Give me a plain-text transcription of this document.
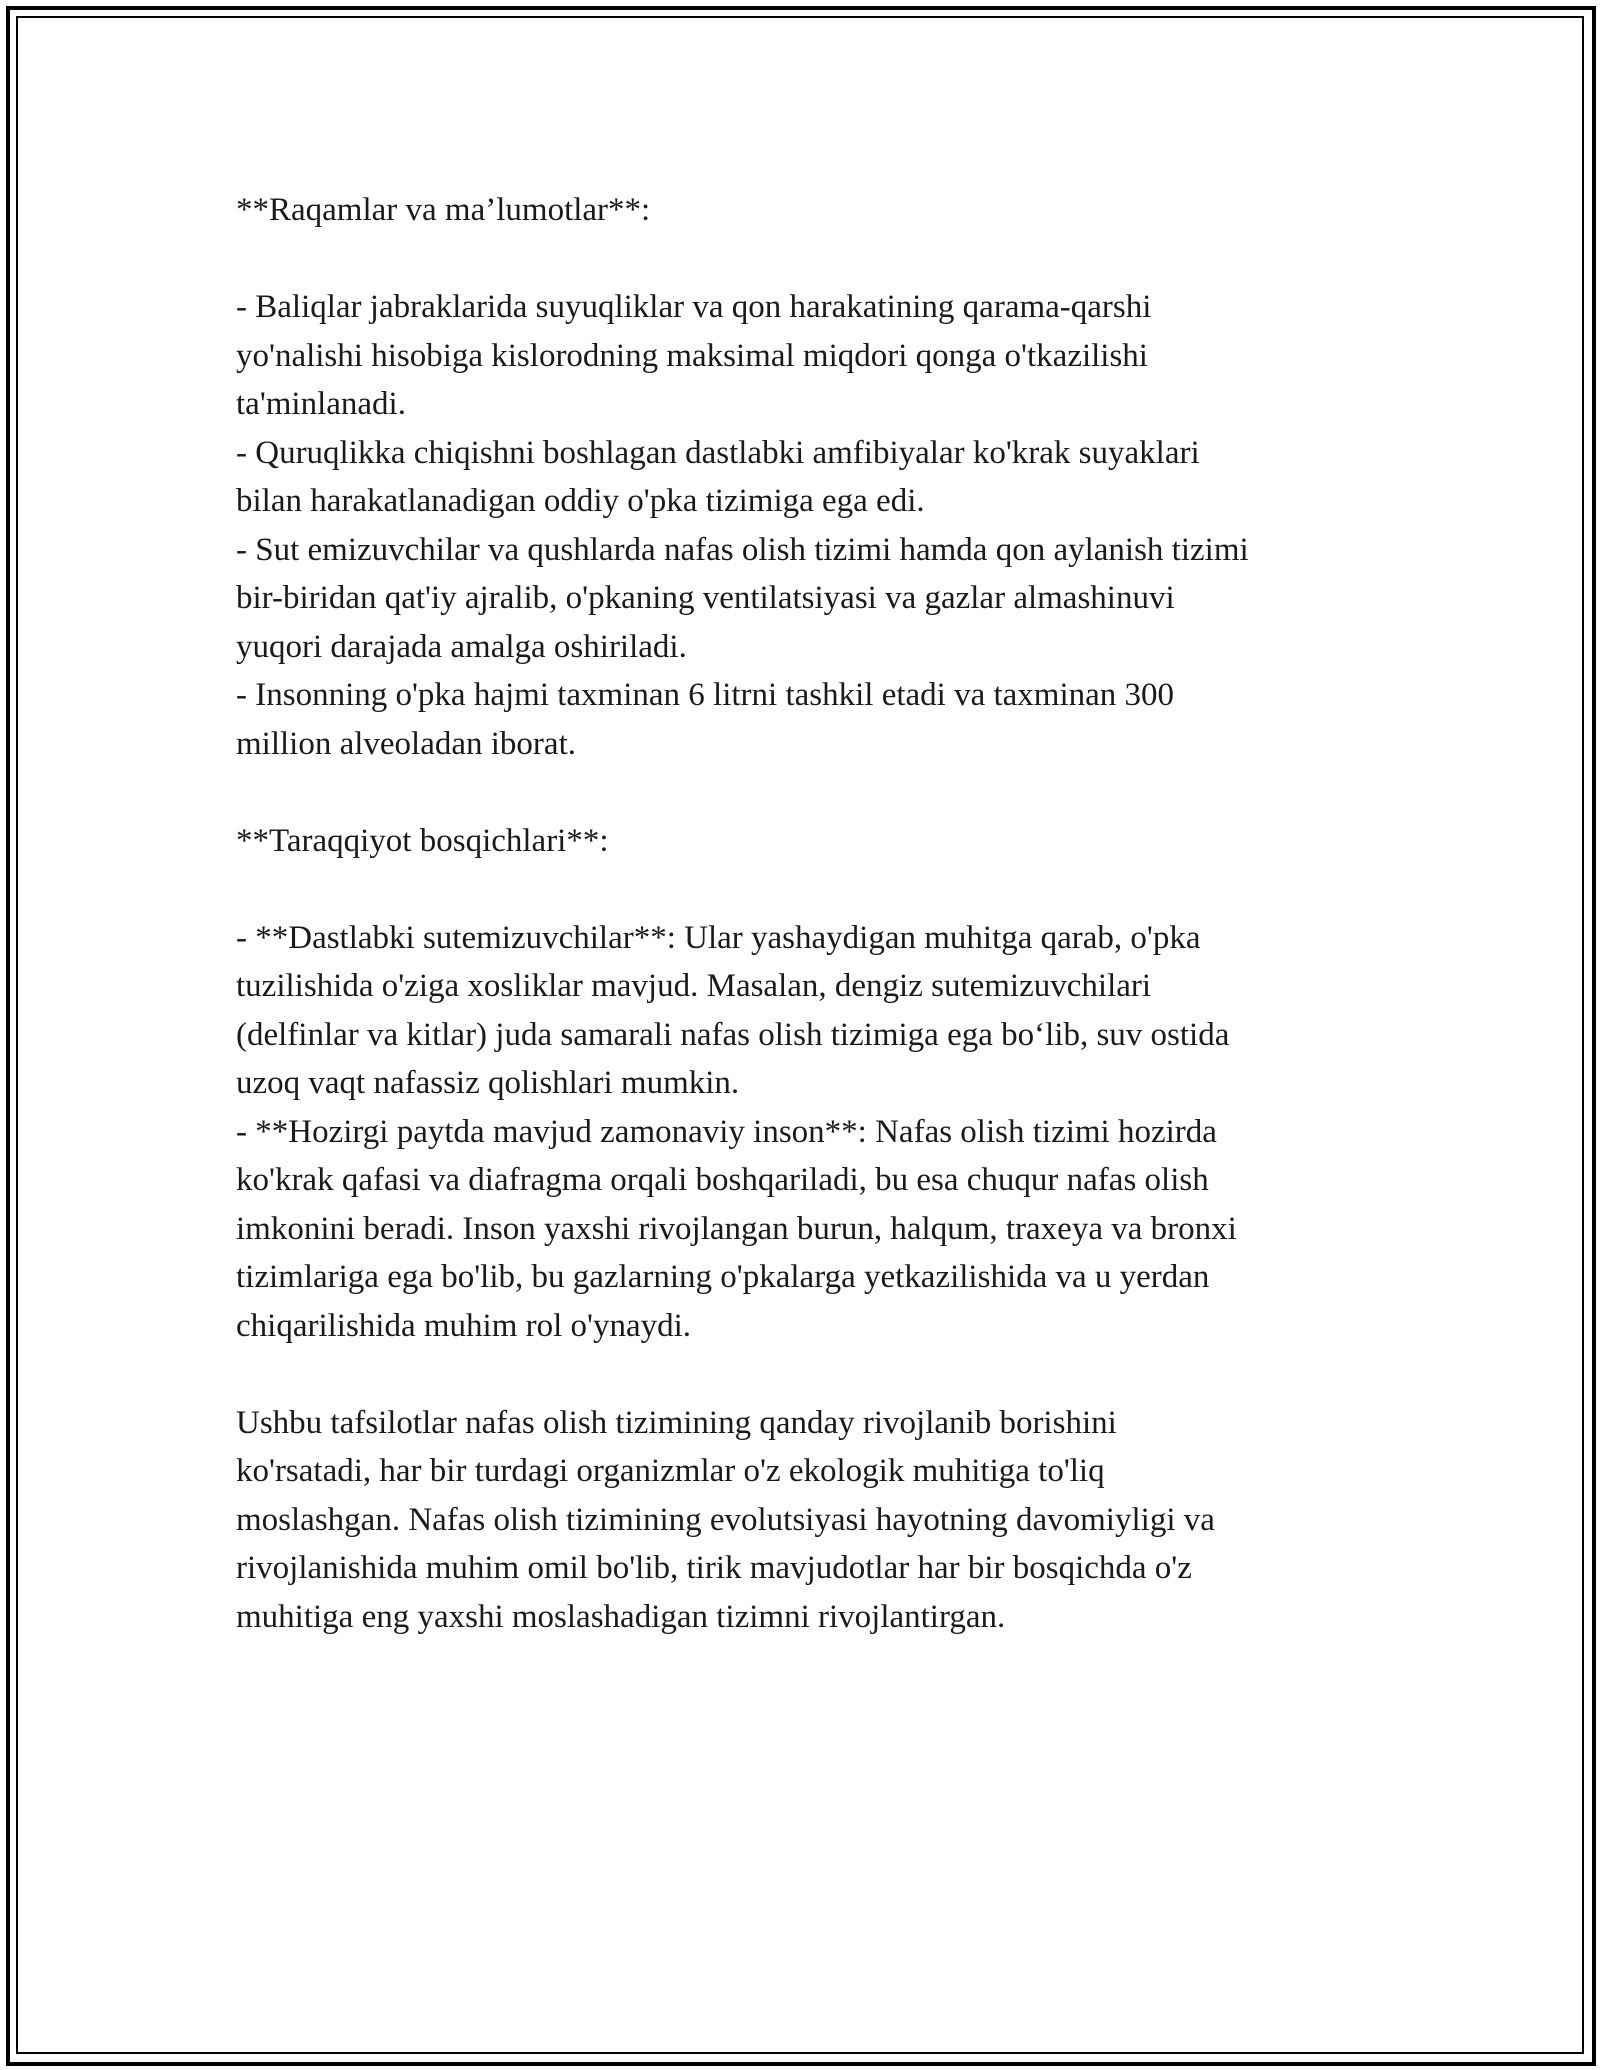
**Raqamlar va ma’lumotlar**:
- Baliqlar jabraklarida suyuqliklar va qon harakatining qarama-qarshi
yo'nalishi hisobiga kislorodning maksimal miqdori qonga o'tkazilishi
ta'minlanadi.
- Quruqlikka chiqishni boshlagan dastlabki amfibiyalar ko'krak suyaklari
bilan harakatlanadigan oddiy o'pka tizimiga ega edi.
- Sut emizuvchilar va qushlarda nafas olish tizimi hamda qon aylanish tizimi
bir-biridan qat'iy ajralib, o'pkaning ventilatsiyasi va gazlar almashinuvi
yuqori darajada amalga oshiriladi.
- Insonning o'pka hajmi taxminan 6 litrni tashkil etadi va taxminan 300
million alveoladan iborat.
**Taraqqiyot bosqichlari**:
- **Dastlabki sutemizuvchilar**: Ular yashaydigan muhitga qarab, o'pka
tuzilishida o'ziga xosliklar mavjud. Masalan, dengiz sutemizuvchilari
(delfinlar va kitlar) juda samarali nafas olish tizimiga ega bo‘lib, suv ostida
uzoq vaqt nafassiz qolishlari mumkin.
- **Hozirgi paytda mavjud zamonaviy inson**: Nafas olish tizimi hozirda
ko'krak qafasi va diafragma orqali boshqariladi, bu esa chuqur nafas olish
imkonini beradi. Inson yaxshi rivojlangan burun, halqum, traxeya va bronxi
tizimlariga ega bo'lib, bu gazlarning o'pkalarga yetkazilishida va u yerdan
chiqarilishida muhim rol o'ynaydi.
Ushbu tafsilotlar nafas olish tizimining qanday rivojlanib borishini
ko'rsatadi, har bir turdagi organizmlar o'z ekologik muhitiga to'liq
moslashgan. Nafas olish tizimining evolutsiyasi hayotning davomiyligi va
rivojlanishida muhim omil bo'lib, tirik mavjudotlar har bir bosqichda o'z
muhitiga eng yaxshi moslashadigan tizimni rivojlantirgan.
